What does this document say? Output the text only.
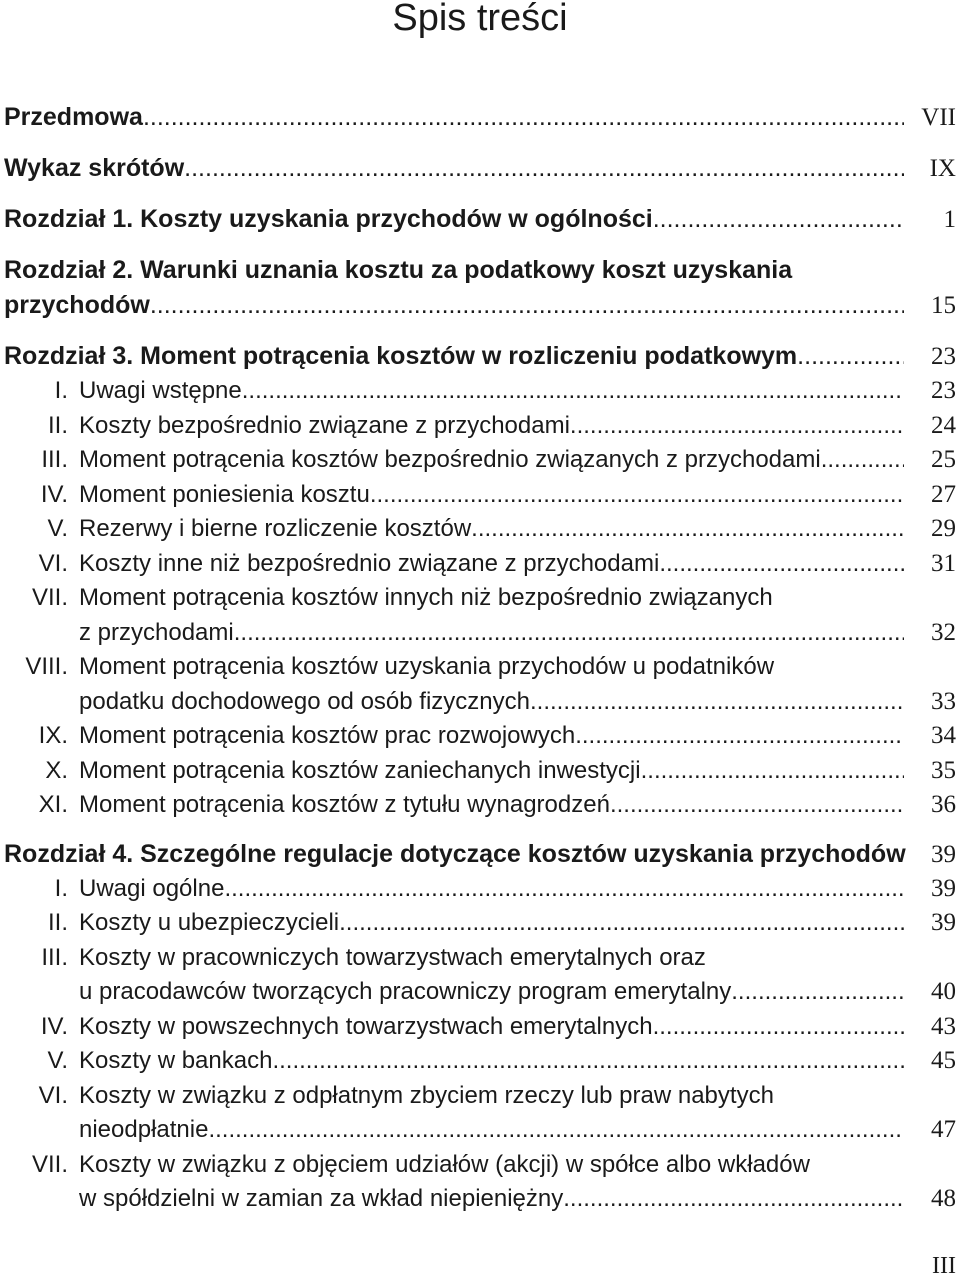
Spis treści
Przedmowa .....	VII
Wykaz skrótów .....	IX
Rozdział 1. Koszty uzyskania przychodów w ogólności .....	1
Rozdział 2. Warunki uznania kosztu za podatkowy koszt uzyskania
przychodów .....	15
Rozdział 3. Moment potrącenia kosztów w rozliczeniu podatkowym .....	23
I. Uwagi wstępne .....	23
II. Koszty bezpośrednio związane z przychodami .....	24
III. Moment potrącenia kosztów bezpośrednio związanych z przychodami .....	25
IV. Moment poniesienia kosztu .....	27
V. Rezerwy i bierne rozliczenie kosztów .....	29
VI. Koszty inne niż bezpośrednio związane z przychodami .....	31
VII. Moment potrącenia kosztów innych niż bezpośrednio związanych
z przychodami .....	32
VIII. Moment potrącenia kosztów uzyskania przychodów u podatników
podatku dochodowego od osób fizycznych .....	33
IX. Moment potrącenia kosztów prac rozwojowych .....	34
X. Moment potrącenia kosztów zaniechanych inwestycji .....	35
XI. Moment potrącenia kosztów z tytułu wynagrodzeń .....	36
Rozdział 4. Szczególne regulacje dotyczące kosztów uzyskania przychodów	39
I. Uwagi ogólne .....	39
II. Koszty u ubezpieczycieli .....	39
III. Koszty w pracowniczych towarzystwach emerytalnych oraz
u pracodawców tworzących pracowniczy program emerytalny .....	40
IV. Koszty w powszechnych towarzystwach emerytalnych .....	43
V. Koszty w bankach .....	45
VI. Koszty w związku z odpłatnym zbyciem rzeczy lub praw nabytych
nieodpłatnie .....	47
VII. Koszty w związku z objęciem udziałów (akcji) w spółce albo wkładów
w spółdzielni w zamian za wkład niepieniężny .....	48
III
